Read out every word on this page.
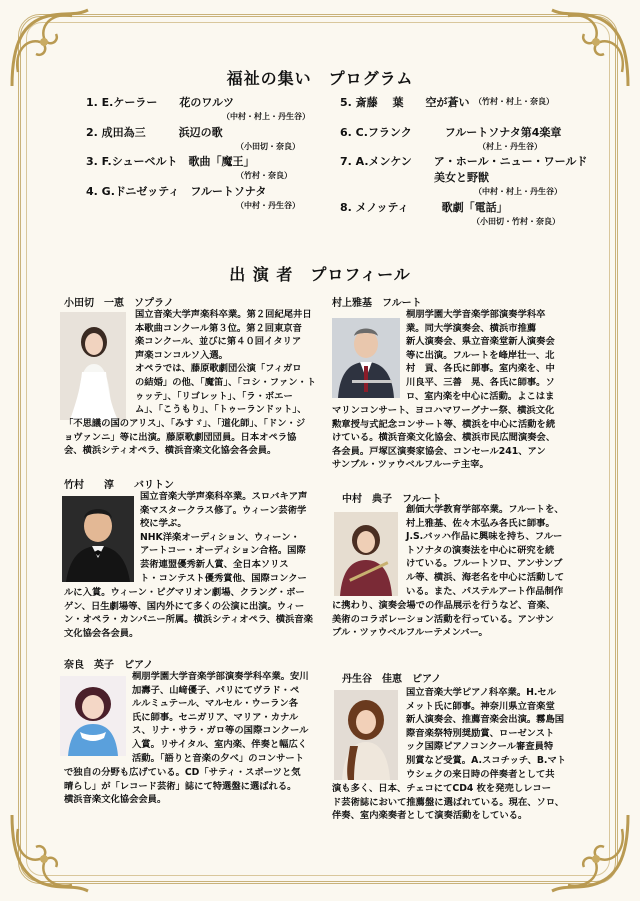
福祉の集い　プログラム
1. E.ケーラー　　花のワルツ
（中村・村上・丹生谷）
2. 成田為三　　　浜辺の歌
（小田切・奈良）
3. F.シューベルト　歌曲「魔王」
（竹村・奈良）
4. G.ドニゼッティ　フルートソナタ
（中村・丹生谷）
5. 斎藤　 葉　　空が蒼い （竹村・村上・奈良）
6. C.フランク　　　フルートソナタ第4楽章
（村上・丹生谷）
7. A.メンケン　　ア・ホール・ニュー・ワールド
美女と野獣
（中村・村上・丹生谷）
8. メノッティ　　　歌劇「電話」
（小田切・竹村・奈良）
出 演 者　プロフィール
小田切　一恵　ソプラノ
国立音楽大学声楽科卒業。第２回紀尾井日
本歌曲コンクール第３位。第２回東京音
楽コンクール、並びに第４０回イタリア
声楽コンコルソ入選。
オペラでは、藤原歌劇団公演「フィガロ
の結婚」の他、「魔笛」、「コシ・ファン・ト
ゥッテ」、「リゴレット」、「ラ・ボエー
ム」、「こうもり」、「トゥーランドット」、
「不思議の国のアリス」、「みすゞ」、「道化師」、「ドン・ジ
ョヴァンニ」等に出演。藤原歌劇団団員。日本オペラ協
会、横浜シティオペラ、横浜音楽文化協会各会員。
村上雅基　フルート
桐朋学園大学音楽学部演奏学科卒
業。同大学演奏会、横浜市推薦
新人演奏会、県立音楽堂新人演奏会
等に出演。フルートを峰岸壮一、北
村　貢、各氏に師事。室内楽を、中
川良平、三善　晃、各氏に師事。ソ
ロ、室内楽を中心に活動。よこはま
マリンコンサート、ヨコハマワーグナー祭、横浜文化
勲章授与式記念コンサート等、横浜を中心に活動を続
けている。横浜音楽文化協会、横浜市民広間演奏会、
各会員。戸塚区演奏家協会、コンセール241、アン
サンブル・ツァウベルフルーテ主宰。
竹村　　淳　　バリトン
国立音楽大学声楽科卒業。スロバキア声
楽マスタークラス修了。ウィーン芸術学
校に学ぶ。
NHK洋楽オーディション、ウィーン・
アートコー・オーディション合格。国際
芸術連盟優秀新人賞、全日本ソリス
ト・コンテスト優秀賞他、国際コンクー
ルに入賞。ウィーン・ピグマリオン劇場、クラング・ボー
ゲン、日生劇場等、国内外にて多くの公演に出演。ウィー
ン・オペラ・カンパニー所属。横浜シティオペラ、横浜音楽
文化協会各会員。
中村　典子　フルート
創価大学教育学部卒業。フルートを、
村上雅基、佐々木弘み各氏に師事。
J.S.バッハ作品に興味を持ち、フルー
トソナタの演奏法を中心に研究を続
けている。フルートソロ、アンサンブ
ル等、横浜、海老名を中心に活動して
いる。また、パステルアート作品制作
に携わり、演奏会場での作品展示を行うなど、音楽、
美術のコラボレーション活動を行っている。アンサン
ブル・ツァウベルフルーテメンバー。
奈良　英子　ピアノ
桐朋学園大学音楽学部演奏学科卒業。安川
加壽子、山﨑優子、パリにてヴラド・ペ
ルルミュテール、マルセル・ウーラン各
氏に師事。セニガリア、マリア・カナル
ス、リナ・サラ・ガロ等の国際コンクール
入賞。リサイタル、室内楽、伴奏と幅広く
活動。「語りと音楽の夕べ」のコンサート
で独自の分野も広げている。CD「サティ・スポーツと気
晴らし」が「レコード芸術」誌にて特選盤に選ばれる。
横浜音楽文化協会会員。
丹生谷　佳恵　ピアノ
国立音楽大学ピアノ科卒業。H.セル
メット氏に師事。神奈川県立音楽堂
新人演奏会、推薦音楽会出演。霧島国
際音楽祭特別奨励賞、ローゼンスト
ック国際ピアノコンクール審査員特
別賞など受賞。A.スコチッチ、B.マト
ウシェクの来日時の伴奏者として共
演も多く、日本、チェコにてCD4 枚を発売しレコー
ド芸術誌において推薦盤に選ばれている。現在、ソロ、
伴奏、室内楽奏者として演奏活動をしている。
